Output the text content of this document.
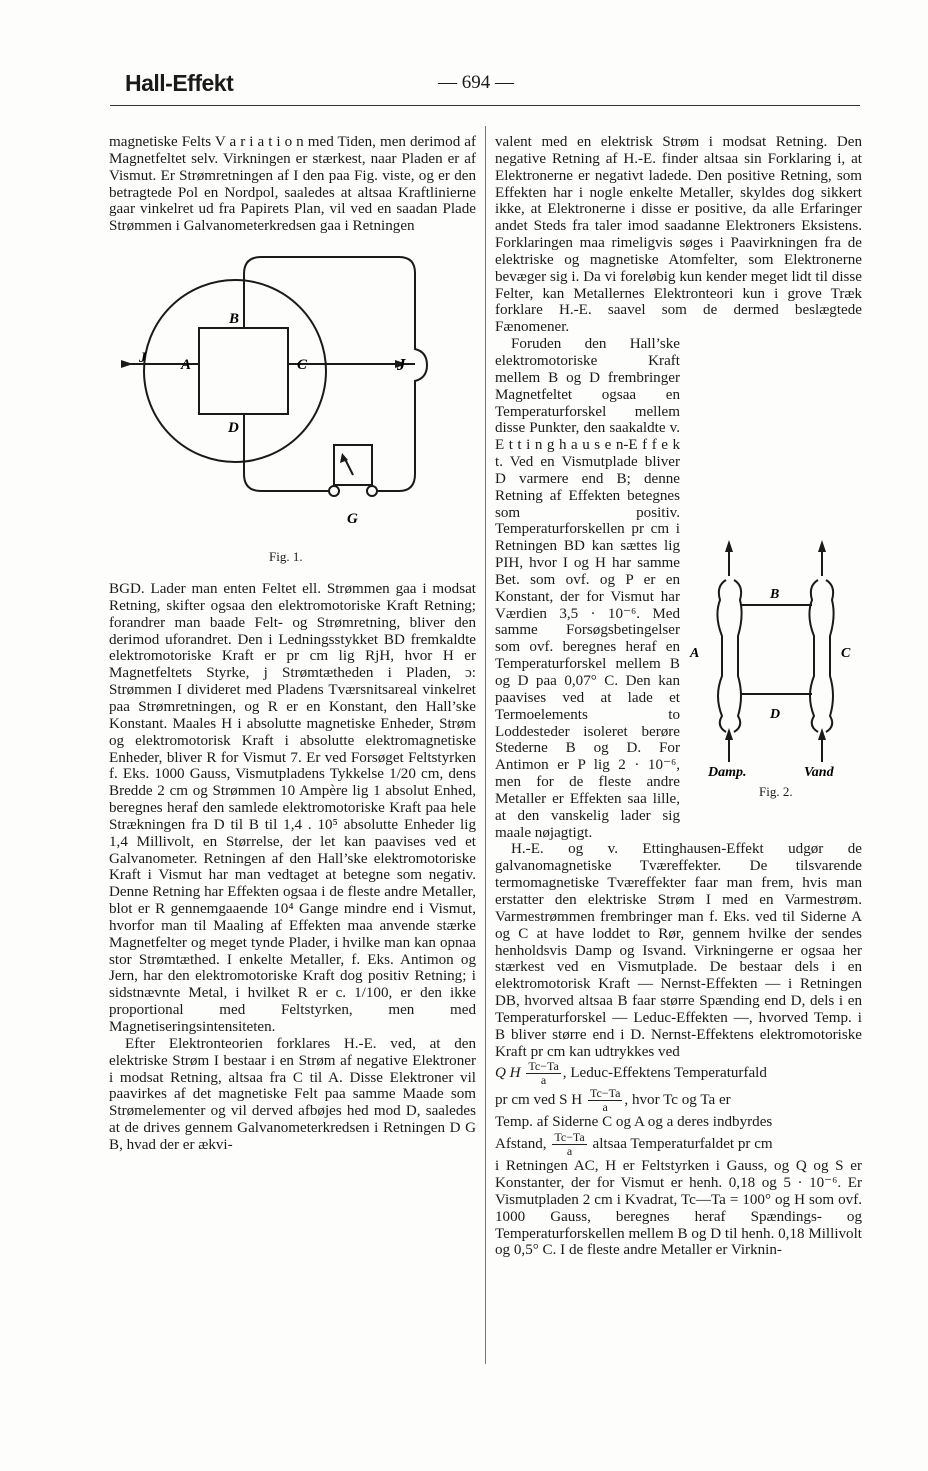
Hall-Effekt	— 694 —

magnetiske Felts V a r i a t i o n med Tiden, men derimod af Magnetfeltet selv. Virkningen er stærkest, naar Pladen er af Vismut. Er Strømretningen af I den paa Fig. viste, og er den betragtede Pol en Nordpol, saaledes at altsaa Kraftlinierne gaar vinkelret ud fra Papirets Plan, vil ved en saadan Plade Strømmen i Galvanometerkredsen gaa i Retningen

J A
B
C
D
J
G
Fig. 1.

BGD. Lader man enten Feltet ell. Strømmen gaa i modsat Retning, skifter ogsaa den elektromotoriske Kraft Retning; forandrer man baade Felt- og Strømretning, bliver den derimod uforandret. Den i Ledningsstykket BD fremkaldte elektromotoriske Kraft er pr cm lig RjH, hvor H er Magnetfeltets Styrke, j Strømtætheden i Pladen, ɔ: Strømmen I divideret med Pladens Tværsnitsareal vinkelret paa Strømretningen, og R er en Konstant, den Hall’ske Konstant. Maales H i absolutte magnetiske Enheder, Strøm og elektromotorisk Kraft i absolutte elektromagnetiske Enheder, bliver R for Vismut 7. Er ved Forsøget Feltstyrken f. Eks. 1000 Gauss, Vismutpladens Tykkelse 1/20 cm, dens Bredde 2 cm og Strømmen 10 Ampère lig 1 absolut Enhed, beregnes heraf den samlede elektromotoriske Kraft paa hele Strækningen fra D til B til 1,4 . 10⁵ absolutte Enheder lig 1,4 Millivolt, en Størrelse, der let kan paavises ved et Galvanometer. Retningen af den Hall’ske elektromotoriske Kraft i Vismut har man vedtaget at betegne som negativ. Denne Retning har Effekten ogsaa i de fleste andre Metaller, blot er R gennemgaaende 10⁴ Gange mindre end i Vismut, hvorfor man til Maaling af Effekten maa anvende stærke Magnetfelter og meget tynde Plader, i hvilke man kan opnaa stor Strømtæthed. I enkelte Metaller, f. Eks. Antimon og Jern, har den elektromotoriske Kraft dog positiv Retning; i sidstnævnte Metal, i hvilket R er c. 1/100, er den ikke proportional med Feltstyrken, men med Magnetiseringsintensiteten.

Efter Elektronteorien forklares H.-E. ved, at den elektriske Strøm I bestaar i en Strøm af negative Elektroner i modsat Retning, altsaa fra C til A. Disse Elektroner vil paavirkes af det magnetiske Felt paa samme Maade som Strømelementer og vil derved afbøjes hed mod D, saaledes at de drives gennem Galvanometerkredsen i Retningen D G B, hvad der er ækvi-

valent med en elektrisk Strøm i modsat Retning. Den negative Retning af H.-E. finder altsaa sin Forklaring i, at Elektronerne er negativt ladede. Den positive Retning, som Effekten har i nogle enkelte Metaller, skyldes dog sikkert ikke, at Elektronerne i disse er positive, da alle Erfaringer andet Steds fra taler imod saadanne Elektroners Eksistens. Forklaringen maa rimeligvis søges i Paavirkningen fra de elektriske og magnetiske Atomfelter, som Elektronerne bevæger sig i. Da vi foreløbig kun kender meget lidt til disse Felter, kan Metallernes Elektronteori kun i grove Træk forklare H.-E. saavel som de dermed beslægtede Fænomener.

B
D
A	C
Damp.	Vand
Fig. 2.

Foruden den Hall’ske elektromotoriske Kraft mellem B og D frembringer Magnetfeltet ogsaa en Temperaturforskel mellem disse Punkter, den saakaldte v. E t t i n g h a u s e n-E f f e k t. Ved en Vismutplade bliver D varmere end B; denne Retning af Effekten betegnes som positiv. Temperaturforskellen pr cm i Retningen BD kan sættes lig PIH, hvor I og H har samme Bet. som ovf. og P er en Konstant, der for Vismut har Værdien 3,5 · 10⁻⁶. Med samme Forsøgsbetingelser som ovf. beregnes heraf en Temperaturforskel mellem B og D paa 0,07° C. Den kan paavises ved at lade et Termoelements to Loddesteder isoleret berøre Stederne B og D. For Antimon er P lig 2 · 10⁻⁶, men for de fleste andre Metaller er Effekten saa lille, at den vanskelig lader sig maale nøjagtigt.

H.-E. og v. Ettinghausen-Effekt udgør de galvanomagnetiske Tværeffekter. De tilsvarende termomagnetiske Tværeffekter faar man frem, hvis man erstatter den elektriske Strøm I med en Varmestrøm. Varmestrømmen frembringer man f. Eks. ved til Siderne A og C at have loddet to Rør, gennem hvilke der sendes henholdsvis Damp og Isvand. Virkningerne er ogsaa her stærkest ved en Vismutplade. De bestaar dels i en elektromotorisk Kraft — Nernst-Effekten — i Retningen DB, hvorved altsaa B faar større Spænding end D, dels i en Temperaturforskel — Leduc-Effekten —, hvorved Temp. i B bliver større end i D. Nernst-Effektens elektromotoriske Kraft pr cm kan udtrykkes ved

Q H $\frac{Tc-Ta}{a}$ , Leduc-Effektens Temperaturfald

pr cm ved S H $\frac{Tc-Ta}{a}$ , hvor Tc og Ta er

Temp. af Siderne C og A og a deres indbyrdes

Afstand, $\frac{Tc-Ta}{a}$ altsaa Temperaturfaldet pr cm

i Retningen AC, H er Feltstyrken i Gauss, og Q og S er Konstanter, der for Vismut er henh. 0,18 og 5 · 10⁻⁶. Er Vismutpladen 2 cm i Kvadrat, Tc—Ta = 100° og H som ovf. 1000 Gauss, beregnes heraf Spændings- og Temperaturforskellen mellem B og D til henh. 0,18 Millivolt og 0,5° C. I de fleste andre Metaller er Virknin-
